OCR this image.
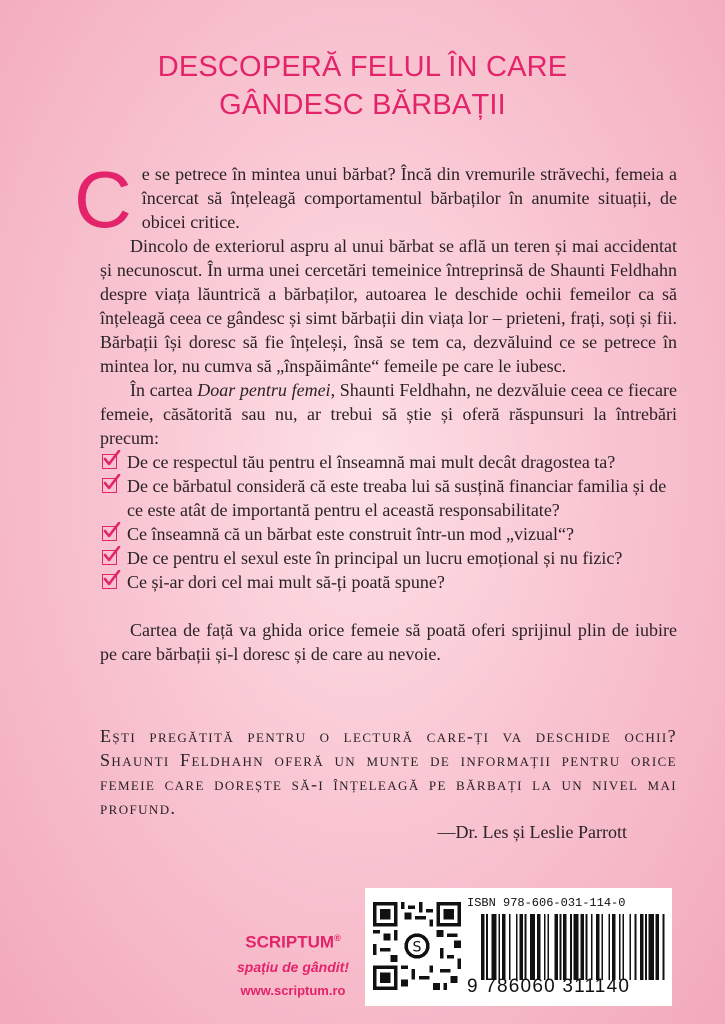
DESCOPERĂ FELUL ÎN CARE
GÂNDESC BĂRBAȚII

Ce se petrece în mintea unui bărbat? Încă din vremurile străvechi, femeia a încercat să înțeleagă comportamentul bărbaților în anumite situații, de obicei critice.

Dincolo de exteriorul aspru al unui bărbat se află un teren și mai accidentat și necunoscut. În urma unei cercetări temeinice întreprinsă de Shaunti Feldhahn despre viața lăuntrică a bărbaților, autoarea le deschide ochii femeilor ca să înțeleagă ceea ce gândesc și simt bărbații din viața lor – prieteni, frați, soți și fii. Bărbații își doresc să fie înțeleși, însă se tem ca, dezvăluind ce se petrece în mintea lor, nu cumva să „înspăimânte“ femeile pe care le iubesc.

În cartea Doar pentru femei, Shaunti Feldhahn, ne dezvăluie ceea ce fiecare femeie, căsătorită sau nu, ar trebui să știe și oferă răspunsuri la întrebări precum:

De ce respectul tău pentru el înseamnă mai mult decât dragostea ta?
De ce bărbatul consideră că este treaba lui să susțină financiar familia și de ce este atât de importantă pentru el această responsabilitate?
Ce înseamnă că un bărbat este construit într-un mod „vizual“?
De ce pentru el sexul este în principal un lucru emoțional și nu fizic?
Ce și-ar dori cel mai mult să-ți poată spune?

Cartea de față va ghida orice femeie să poată oferi sprijinul plin de iubire pe care bărbații și-l doresc și de care au nevoie.

Ești pregătită pentru o lectură care-ți va deschide ochii? Shaunti Feldhahn oferă un munte de informații pentru orice femeie care dorește să-i înțeleagă pe bărbați la un nivel mai profund.
—Dr. Les și Leslie Parrott
SCRIPTUM®
spațiu de gândit!
www.scriptum.ro
S
ISBN 978-606-031-114-0
9 786060 311140
